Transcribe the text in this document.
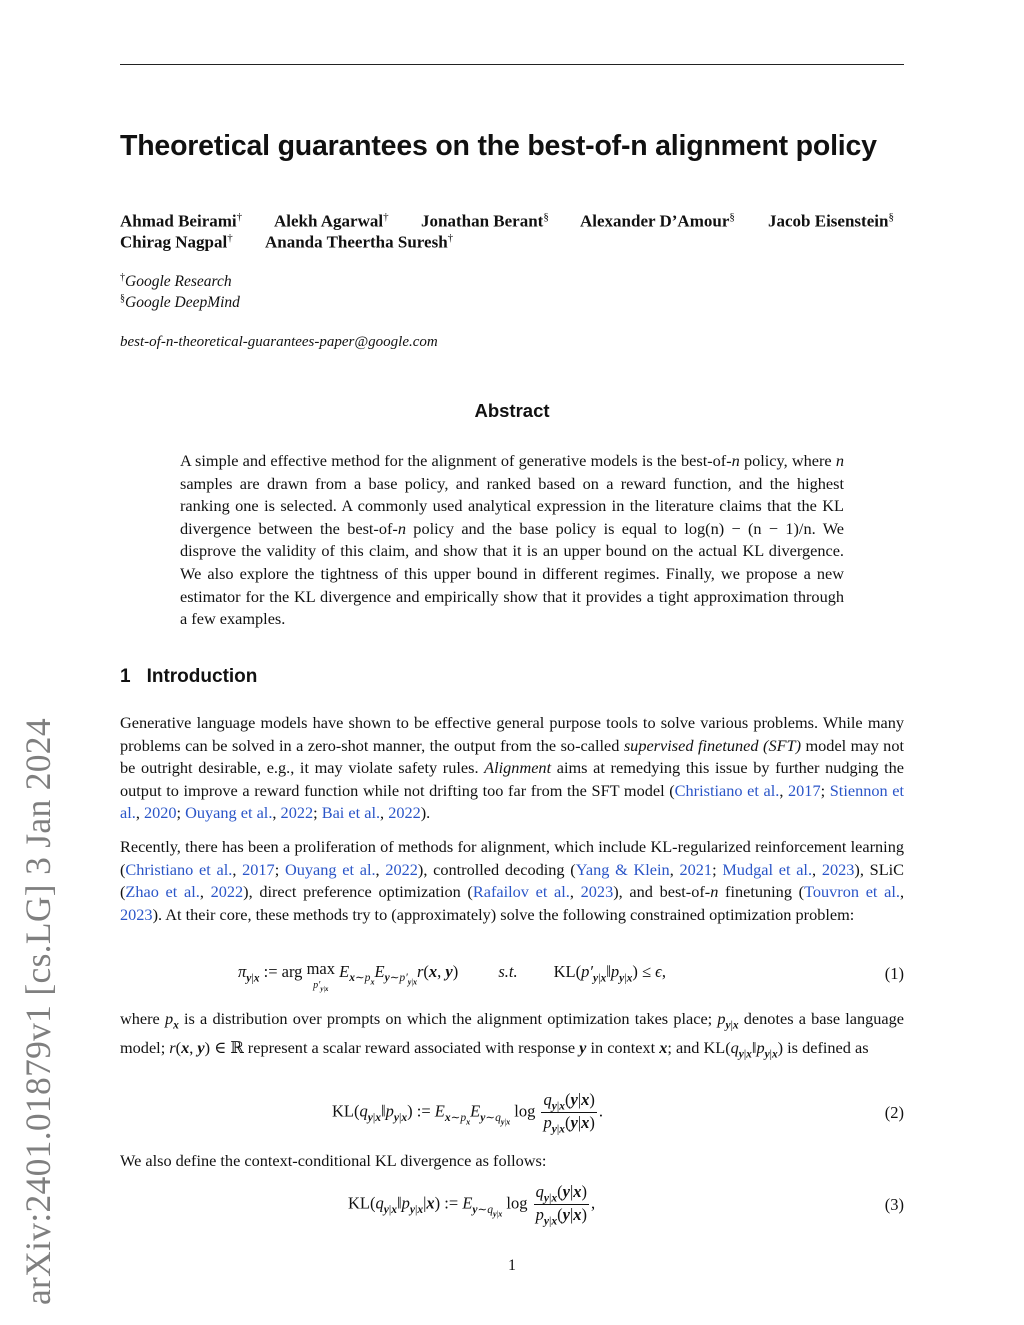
arXiv:2401.01879v1 [cs.LG] 3 Jan 2024
Theoretical guarantees on the best-of-n alignment policy
Ahmad Beirami† Alekh Agarwal† Jonathan Berant§ Alexander D’Amour§ Jacob Eisenstein§
Chirag Nagpal† Ananda Theertha Suresh†
†Google Research
§Google DeepMind
best-of-n-theoretical-guarantees-paper@google.com
Abstract
A simple and effective method for the alignment of generative models is the best-of-n policy, where n samples are drawn from a base policy, and ranked based on a reward function, and the highest ranking one is selected. A commonly used analytical expression in the literature claims that the KL divergence between the best-of-n policy and the base policy is equal to log(n) − (n − 1)/n. We disprove the validity of this claim, and show that it is an upper bound on the actual KL divergence. We also explore the tightness of this upper bound in different regimes. Finally, we propose a new estimator for the KL divergence and empirically show that it provides a tight approximation through a few examples.
1 Introduction
Generative language models have shown to be effective general purpose tools to solve various problems. While many problems can be solved in a zero-shot manner, the output from the so-called supervised finetuned (SFT) model may not be outright desirable, e.g., it may violate safety rules. Alignment aims at remedying this issue by further nudging the output to improve a reward function while not drifting too far from the SFT model (Christiano et al., 2017; Stiennon et al., 2020; Ouyang et al., 2022; Bai et al., 2022).
Recently, there has been a proliferation of methods for alignment, which include KL-regularized reinforcement learning (Christiano et al., 2017; Ouyang et al., 2022), controlled decoding (Yang & Klein, 2021; Mudgal et al., 2023), SLiC (Zhao et al., 2022), direct preference optimization (Rafailov et al., 2023), and best-of-n finetuning (Touvron et al., 2023). At their core, these methods try to (approximately) solve the following constrained optimization problem:
$\pi_{y|x}$ := arg max
$p'_{y|x}$ $E_{x\sim p_x}E_{y\sim p'_{y|x}}r(x$, y) s.t. $KL(p'_{y|x}‖p_{y|x}) \le \epsilon$,	(1)
where $p_x$ is a distribution over prompts on which the alignment optimization takes place; $p_{y|x}$ denotes a base language model; r(x, y) ∈ ℝ represent a scalar reward associated with response y in context x; and $KL(q_{y|x}‖p_{y|x})$ is defined as
$KL(q_{y|x}‖p_{y|x})$ := $E_{x\sim p_x}E_{y\sim q_{y|x}}$ $\log \frac{q_{y|x}(y|x)}{p_{y|x}(y|x)}$ .	(2)
We also define the context-conditional KL divergence as follows:
$KL(q_{y|x}‖p_{y|x}|x)$ := $E_{y\sim q_{y|x}}$ $\log \frac{q_{y|x}(y|x)}{p_{y|x}(y|x)}$ ,	(3)
1
